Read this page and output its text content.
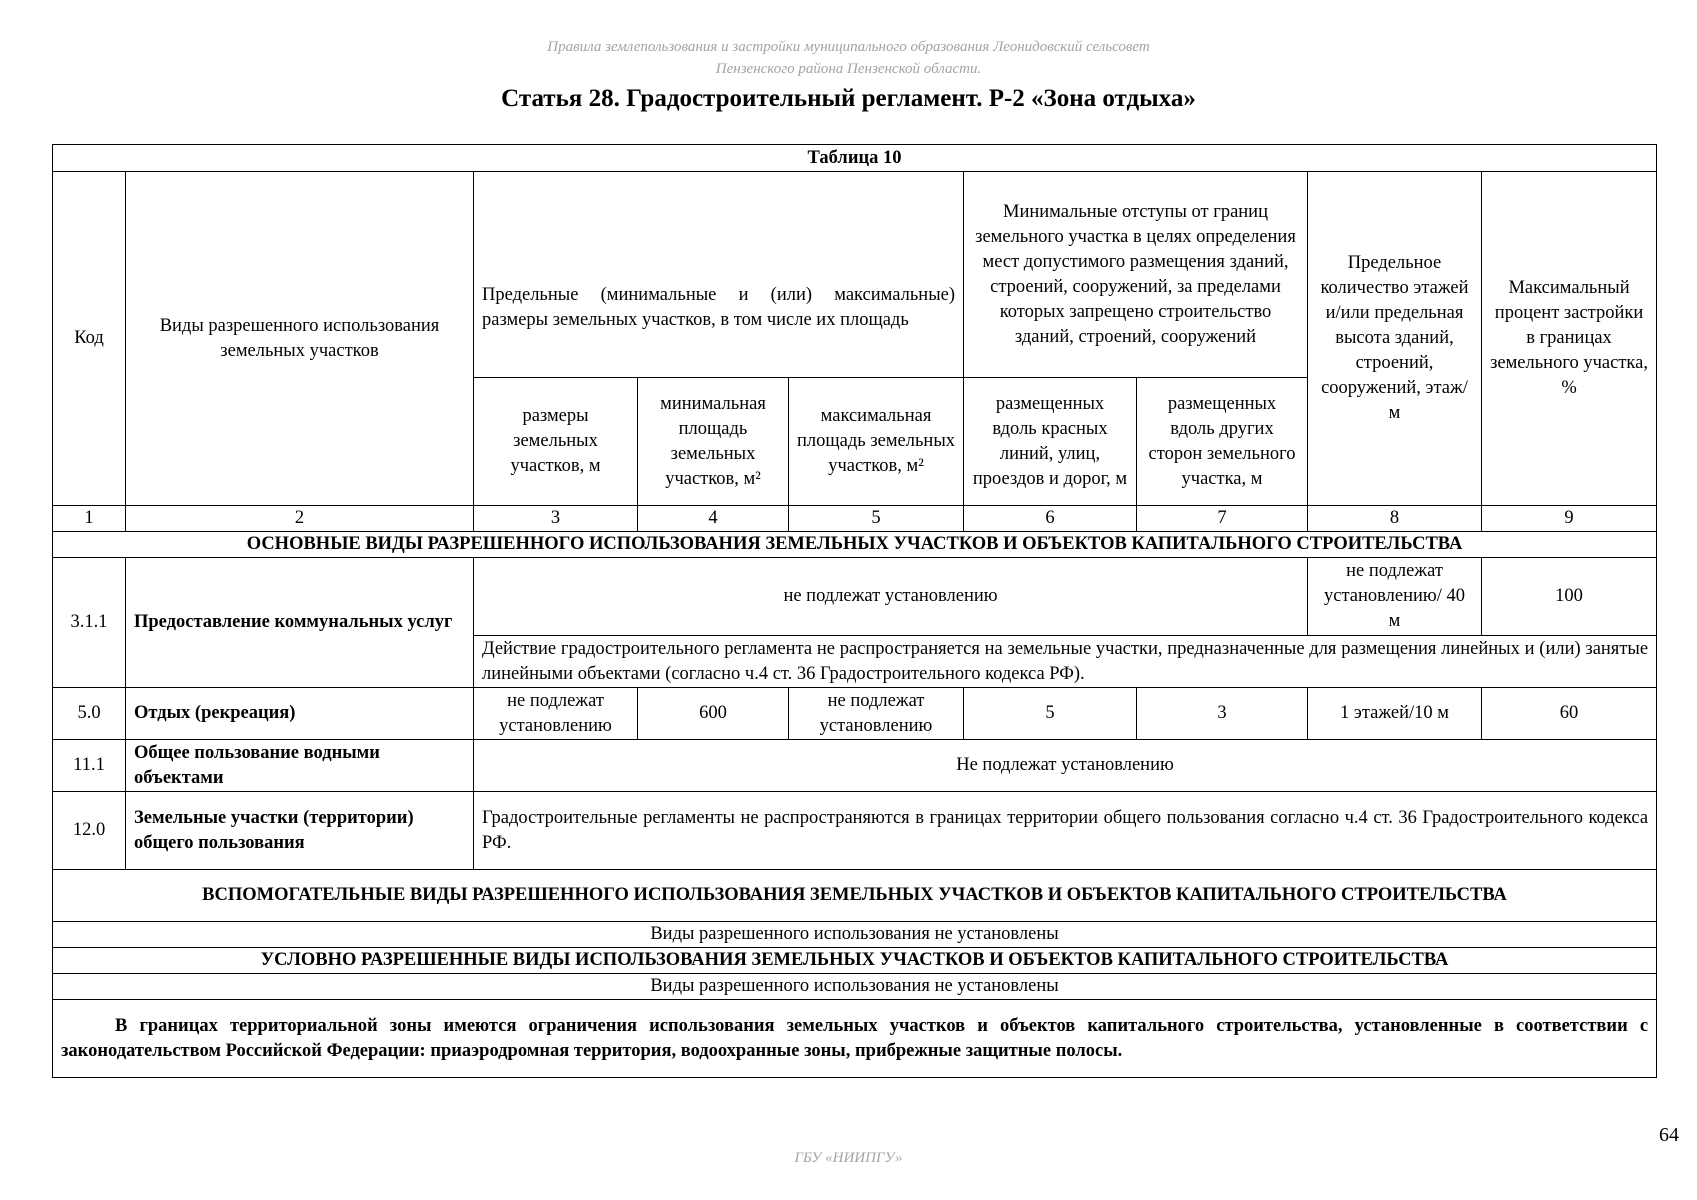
Правила землепользования и застройки муниципального образования Леонидовский сельсовет
Пензенского района Пензенской области.
Статья 28. Градостроительный регламент. Р-2 «Зона отдыха»
Таблица 10								
Код	Виды разрешенного использования земельных участков	Предельные (минимальные и (или) максимальные) размеры земельных участков, в том числе их площадь			Минимальные отступы от границ земельного участка в целях определения мест допустимого размещения зданий, строений, сооружений, за пределами которых запрещено строительство зданий, строений, сооружений		Предельное количество этажей и/или предельная высота зданий, строений, сооружений, этаж/м	Максимальный процент застройки в границах земельного участка, %
		размеры земельных участков, м	минимальная площадь земельных участков, м²	максимальная площадь земельных участков, м²	размещенных вдоль красных линий, улиц, проездов и дорог, м	размещенных вдоль других сторон земельного участка, м		
1	2	3	4	5	6	7	8	9
ОСНОВНЫЕ ВИДЫ РАЗРЕШЕННОГО ИСПОЛЬЗОВАНИЯ ЗЕМЕЛЬНЫХ УЧАСТКОВ И ОБЪЕКТОВ КАПИТАЛЬНОГО СТРОИТЕЛЬСТВА								
3.1.1	Предоставление коммунальных услуг	не подлежат установлению					не подлежат установлению/ 40 м	100
		Действие градостроительного регламента не распространяется на земельные участки, предназначенные для размещения линейных и (или) занятые линейными объектами (согласно ч.4 ст. 36 Градостроительного кодекса РФ).						
5.0	Отдых (рекреация)	не подлежат установлению	600	не подлежат установлению	5	3	1 этажей/10 м	60
11.1	Общее пользование водными объектами	Не подлежат установлению						
12.0	Земельные участки (территории) общего пользования	Градостроительные регламенты не распространяются в границах территории общего пользования согласно ч.4 ст. 36 Градостроительного кодекса РФ.						
ВСПОМОГАТЕЛЬНЫЕ ВИДЫ РАЗРЕШЕННОГО ИСПОЛЬЗОВАНИЯ ЗЕМЕЛЬНЫХ УЧАСТКОВ И ОБЪЕКТОВ КАПИТАЛЬНОГО СТРОИТЕЛЬСТВА								
Виды разрешенного использования не установлены								
УСЛОВНО РАЗРЕШЕННЫЕ ВИДЫ ИСПОЛЬЗОВАНИЯ ЗЕМЕЛЬНЫХ УЧАСТКОВ И ОБЪЕКТОВ КАПИТАЛЬНОГО СТРОИТЕЛЬСТВА								
Виды разрешенного использования не установлены								
В границах территориальной зоны имеются ограничения использования земельных участков и объектов капитального строительства, установленные в соответствии с законодательством Российской Федерации: приаэродромная территория, водоохранные зоны, прибрежные защитные полосы.								
64
ГБУ «НИИПГУ»
